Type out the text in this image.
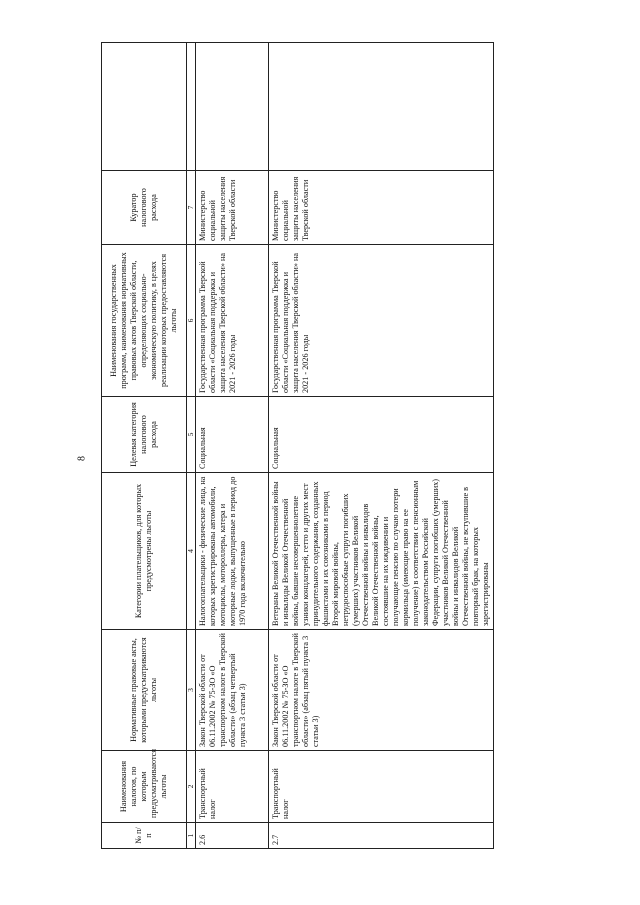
8
№ п/п	Наименования налогов, по которым предусматриваются льготы	Нормативные правовые акты, которыми предусматриваются льготы	Категории плательщиков, для которых предусмотрены льготы	Целевая категория налогового расхода	Наименования государственных программ, наименования нормативных правовых актов Тверской области, определяющих социально-экономическую политику, в целях реализации которых предоставляются льготы	Куратор налогового расхода	
1	2	3	4	5	6	7	
2.6	Транспортный налог	Закон Тверской области от 06.11.2002 № 75-ЗО «О транспортном налоге в Тверской области» (абзац четвертый пункта 3 статьи 3)	Налогоплательщики - физические лица, на которых зарегистрированы автомобили, мотоциклы, мотороллеры, катера и моторные лодки, выпущенные в период до 1970 года включительно	Социальная	Государственная программа Тверской области «Социальная поддержка и защита населения Тверской области» на 2021 - 2026 годы	Министерство социальной защиты населения Тверской области	
2.7	Транспортный налог	Закон Тверской области от 06.11.2002 № 75-ЗО «О транспортном налоге в Тверской области» (абзац пятый пункта 3 статьи 3)	Ветераны Великой Отечественной войны и инвалиды Великой Отечественной войны, бывшие несовершеннолетние узники концлагерей, гетто и других мест принудительного содержания, созданных фашистами и их союзниками в период Второй мировой войны, нетрудоспособные супруги погибших (умерших) участников Великой Отечественной войны и инвалидов Великой Отечественной войны, состоявшие на их иждивении и получающие пенсию по случаю потери кормильца (имеющие право на ее получение) в соответствии с пенсионным законодательством Российской Федерации, супруги погибших (умерших) участников Великой Отечественной войны и инвалидов Великой Отечественной войны, не вступившие в повторный брак, на которых зарегистрированы	Социальная	Государственная программа Тверской области «Социальная поддержка и защита населения Тверской области» на 2021 - 2026 годы	Министерство социальной защиты населения Тверской области	
